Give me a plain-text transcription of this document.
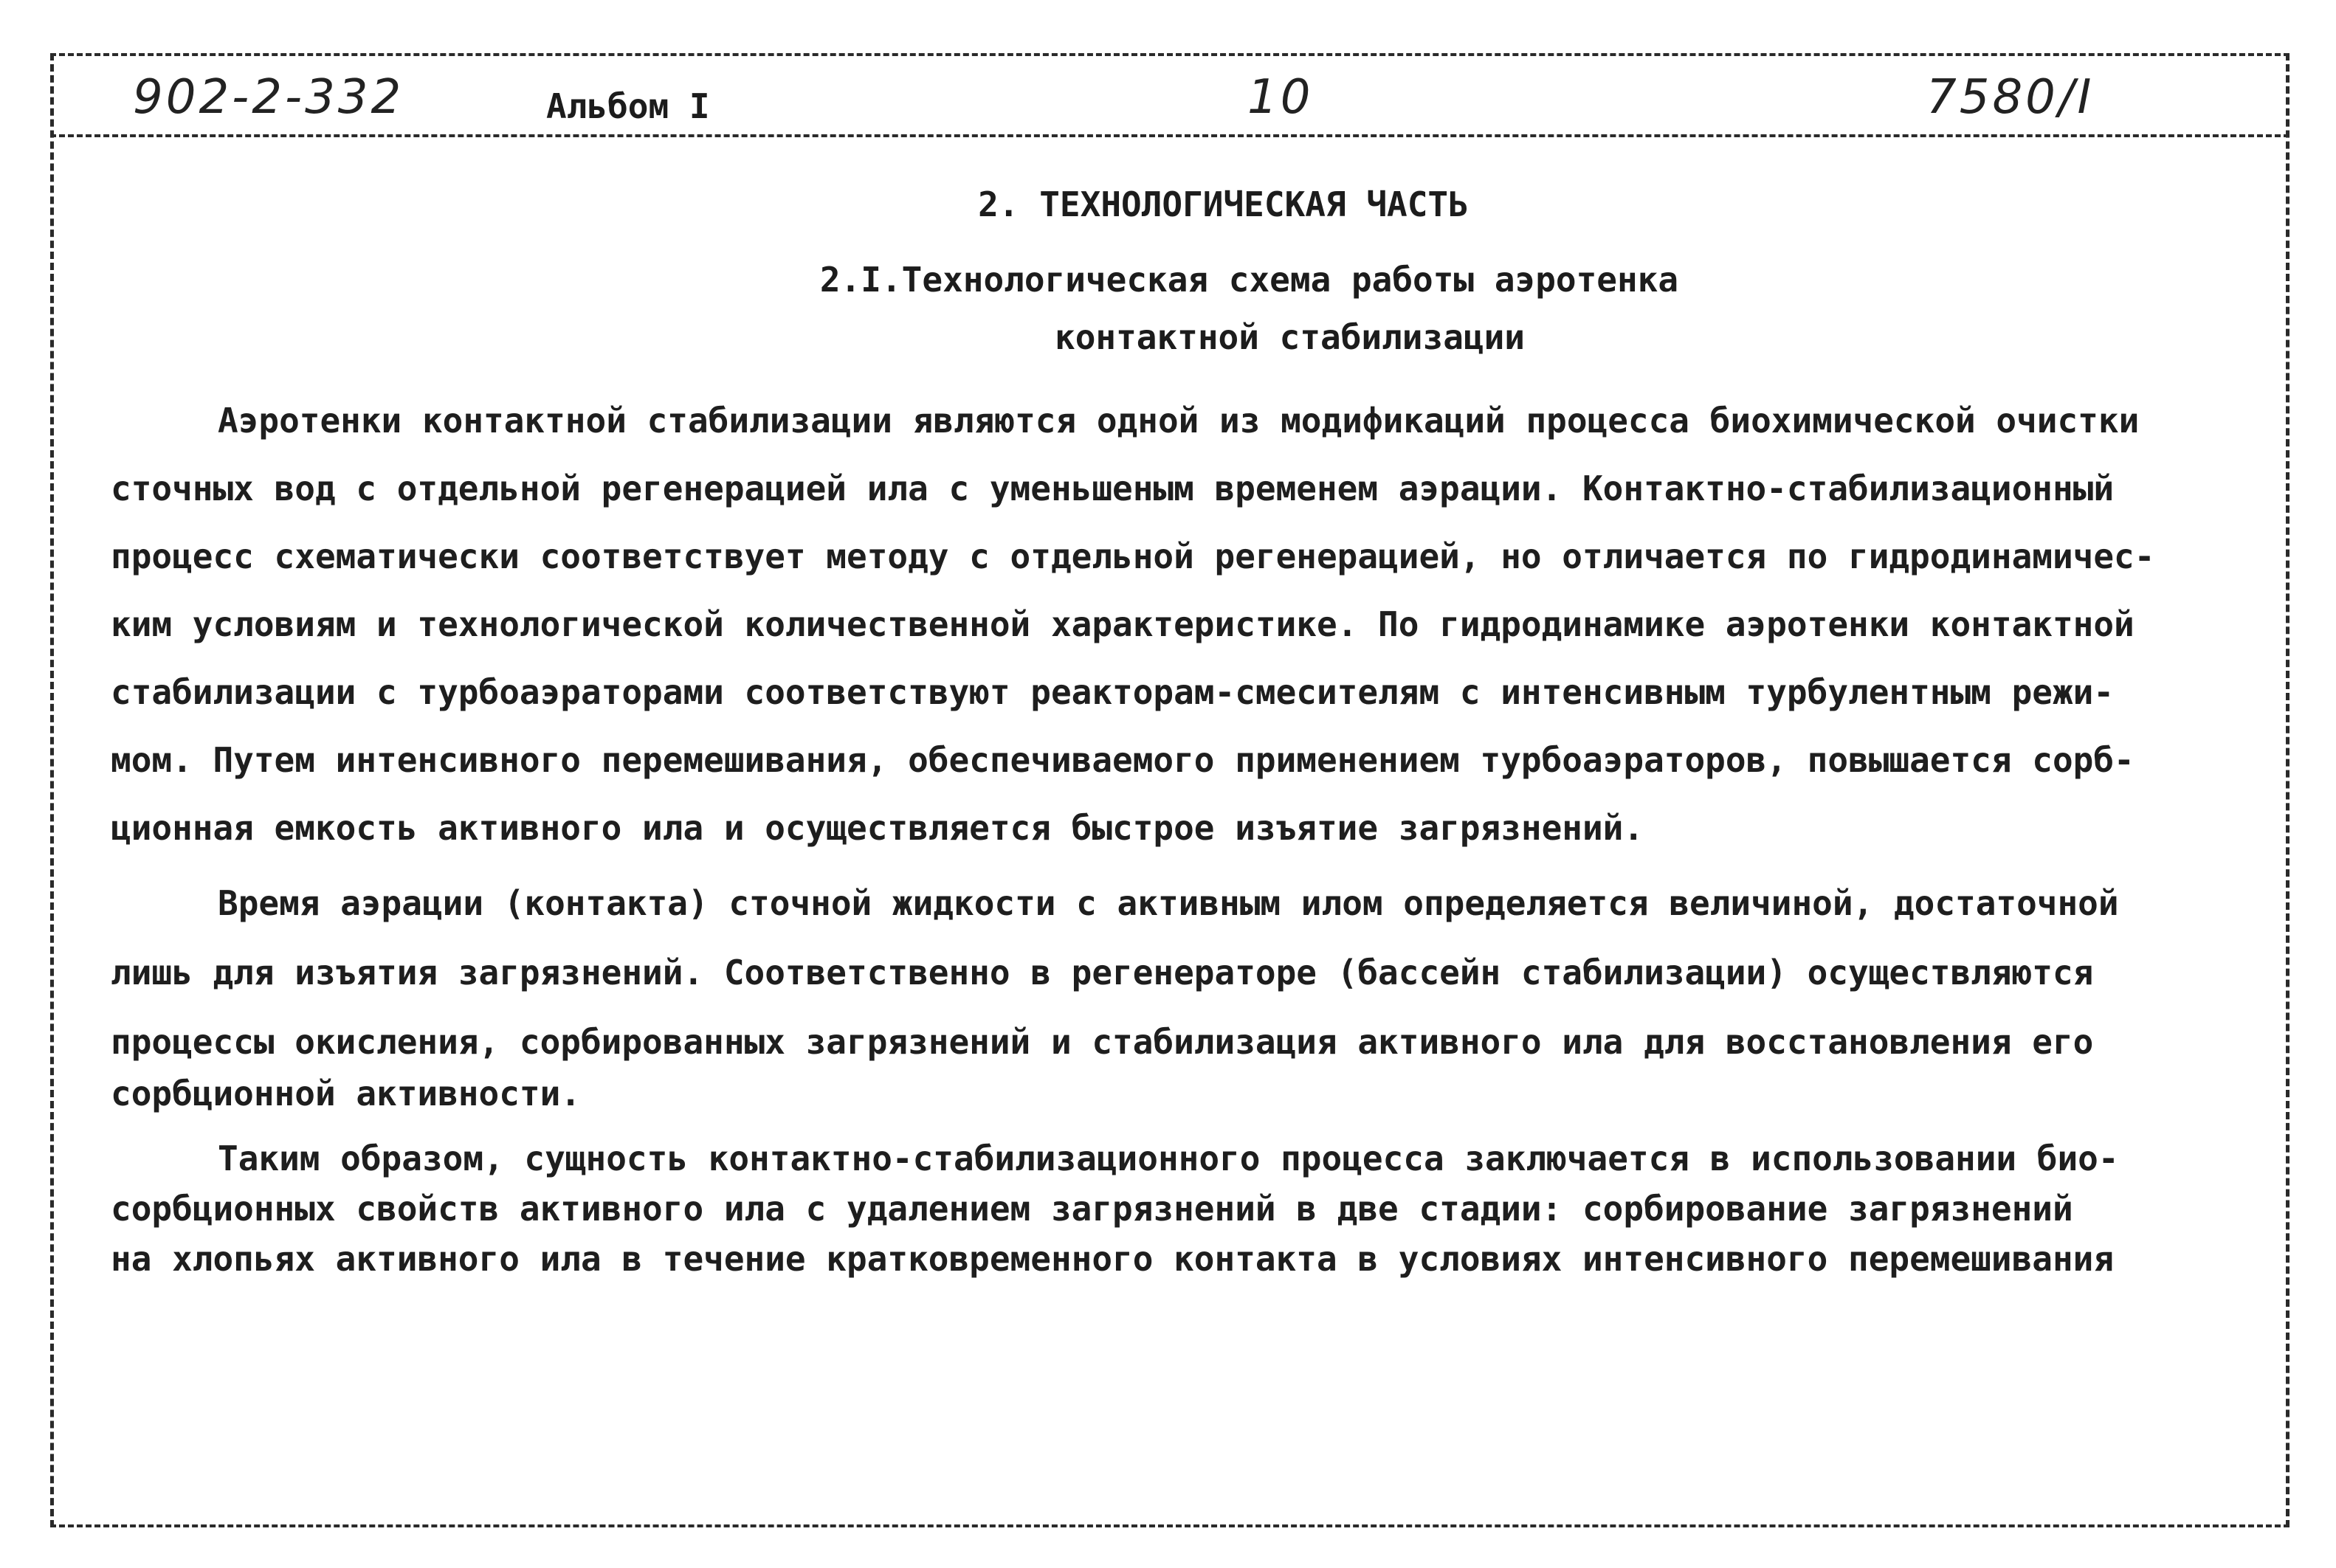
902-2-332	Альбом I	10	7580/I
2. ТЕХНОЛОГИЧЕСКАЯ ЧАСТЬ
2.I.Технологическая схема работы аэротенка
контактной стабилизации
Аэротенки контактной стабилизации являются одной из модификаций процесса биохимической очистки
сточных вод с отдельной регенерацией ила с уменьшеным временем аэрации. Контактно-стабилизационный
процесс схематически соответствует методу с отдельной регенерацией, но отличается по гидродинамичес-
ким условиям и технологической количественной характеристике. По гидродинамике аэротенки контактной
стабилизации с турбоаэраторами соответствуют реакторам-смесителям с интенсивным турбулентным режи-
мом. Путем интенсивного перемешивания, обеспечиваемого применением турбоаэраторов, повышается сорб-
ционная емкость активного ила и осуществляется быстрое изъятие загрязнений.
Время аэрации (контакта) сточной жидкости с активным илом определяется величиной, достаточной
лишь для изъятия загрязнений. Соответственно в регенераторе (бассейн стабилизации) осуществляются
процессы окисления, сорбированных загрязнений и стабилизация активного ила для восстановления его
сорбционной активности.
Таким образом, сущность контактно-стабилизационного процесса заключается в использовании био-
сорбционных свойств активного ила с удалением загрязнений в две стадии: сорбирование загрязнений
на хлопьях активного ила в течение кратковременного контакта в условиях интенсивного перемешивания
